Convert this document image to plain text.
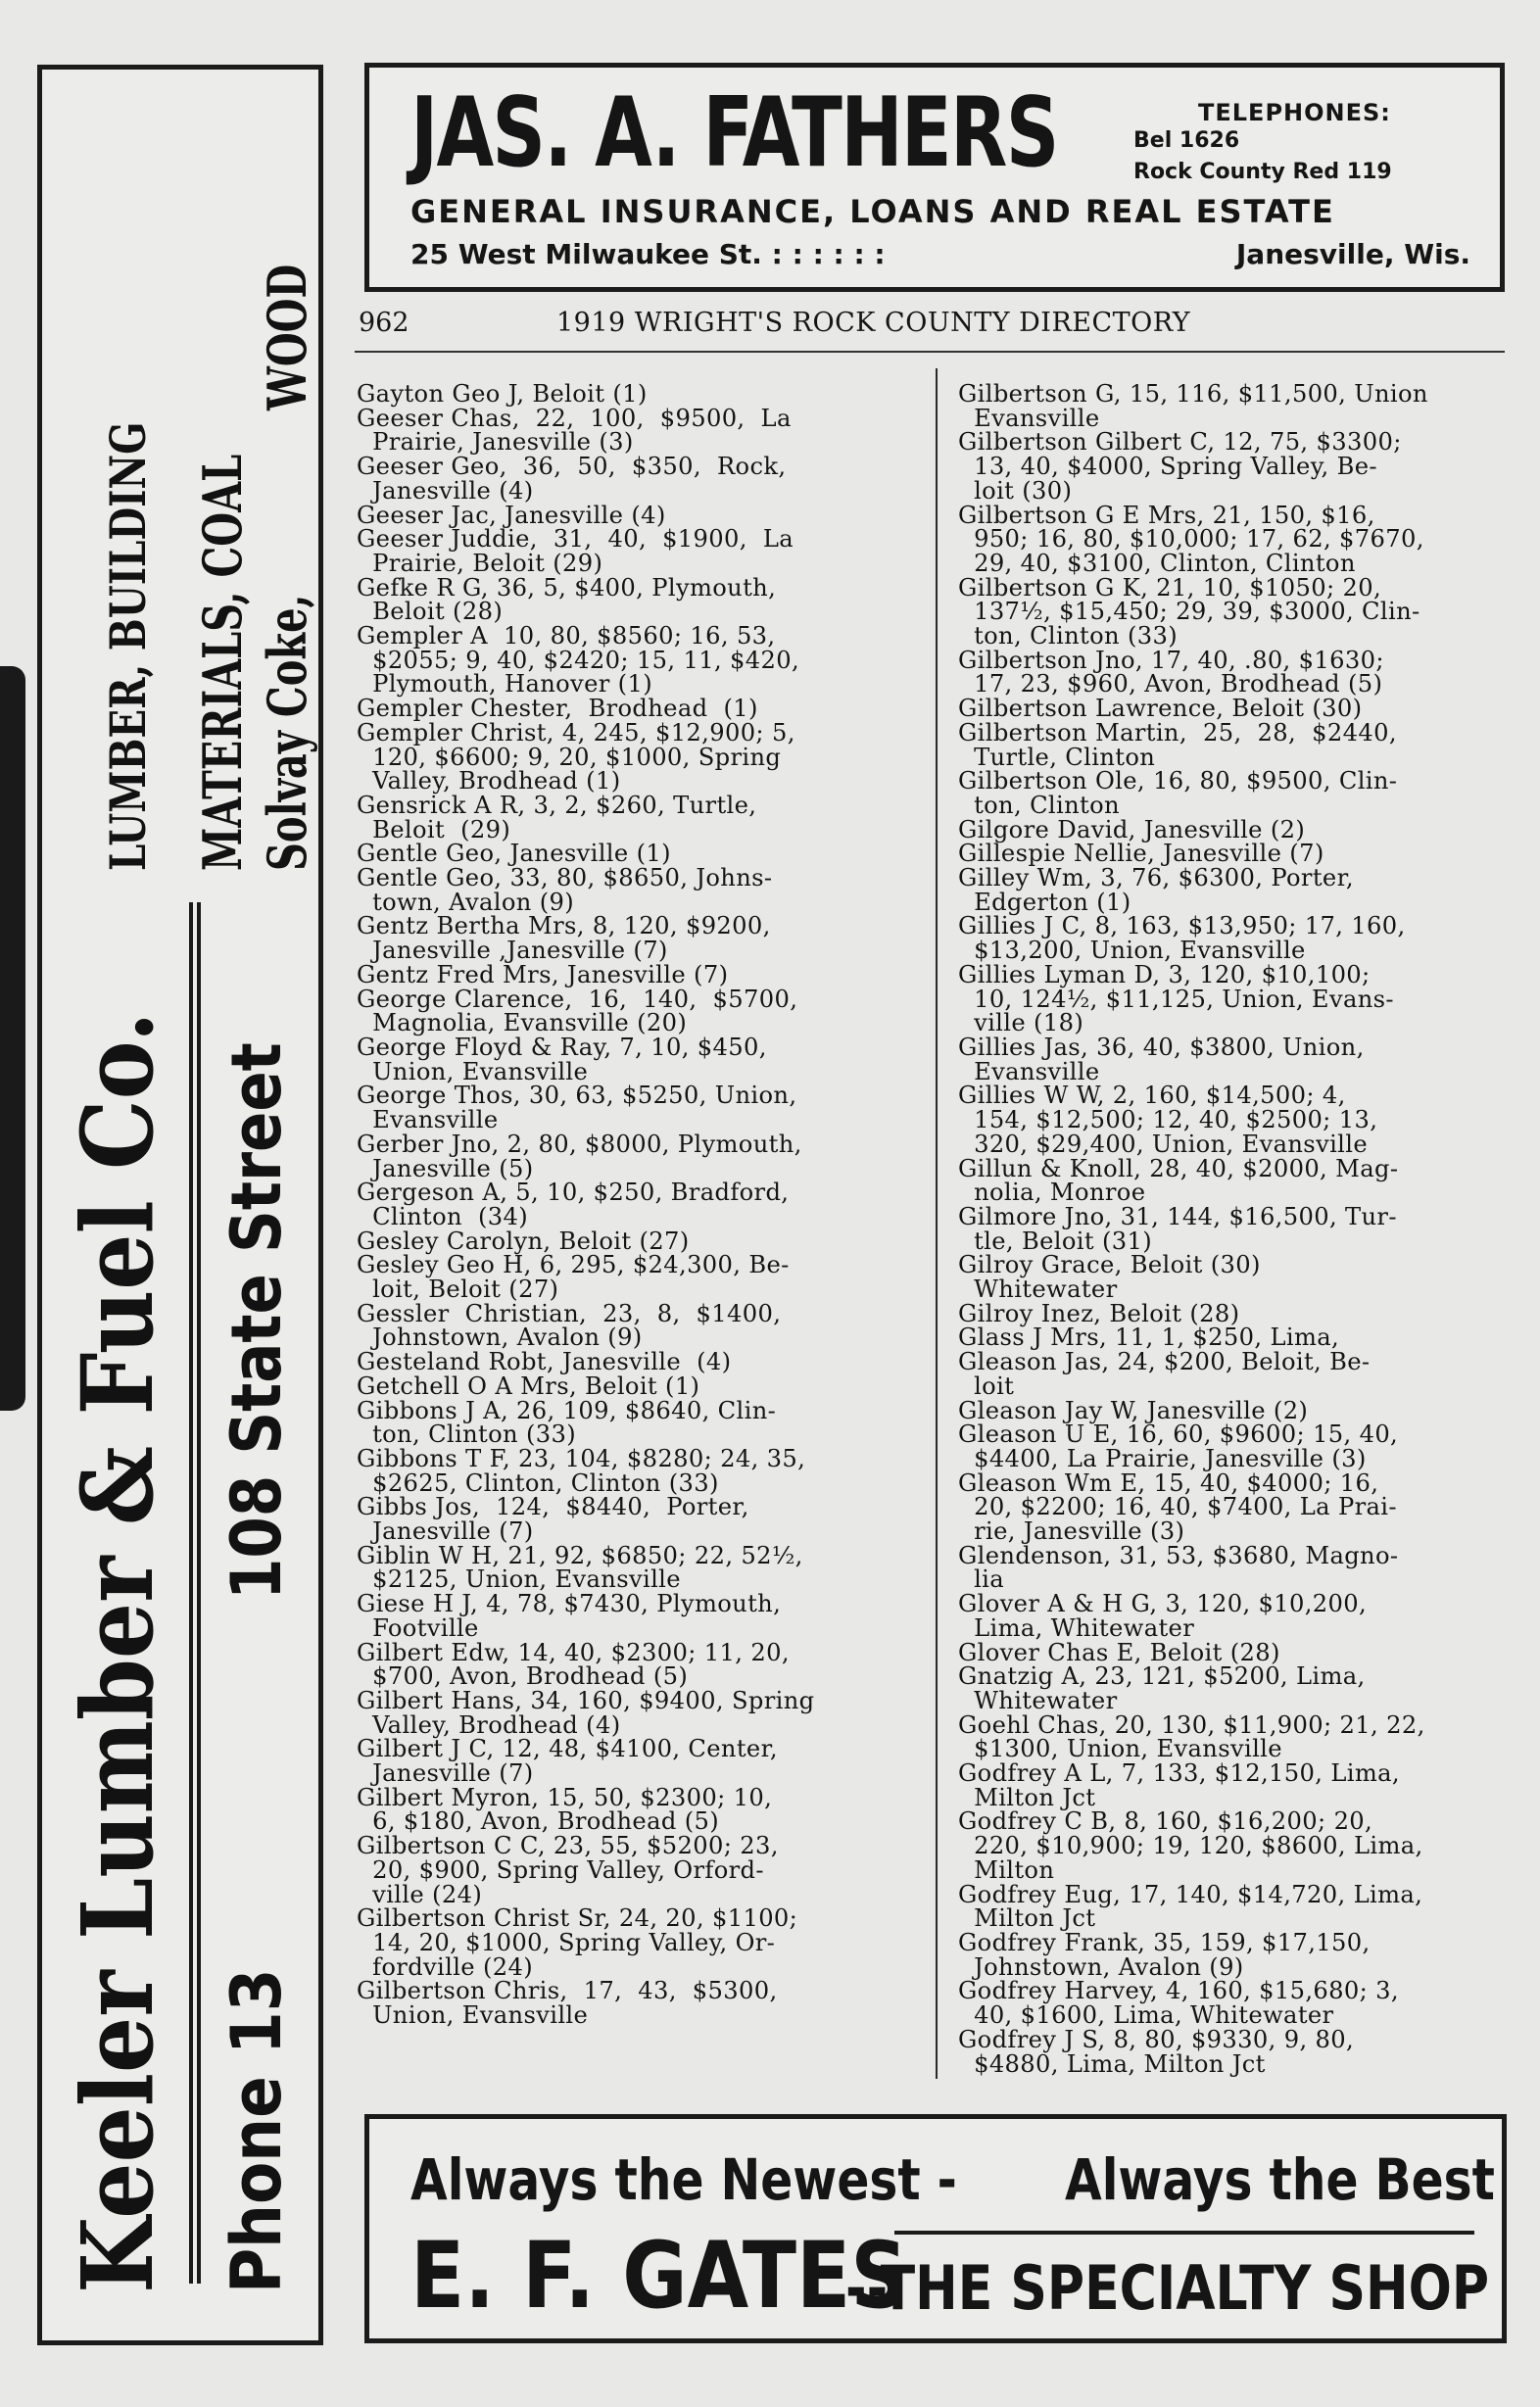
LUMBER, BUILDING MATERIALS, COAL Solvay Coke,
WOOD
Keeler Lumber & Fuel Co. Phone 13
108 State Street
JAS. A. FATHERS	TELEPHONES:
Bel 1626
Rock County Red 119
GENERAL INSURANCE, LOANS AND REAL ESTATE
25 West Milwaukee St. : : : : : :	Janesville, Wis.
962	1919 WRIGHT'S ROCK COUNTY DIRECTORY

Gayton Geo J, Beloit (1)

Geeser Chas,  22,  100,  $9500,  La

Prairie, Janesville (3)

Geeser Geo,  36,  50,  $350,  Rock,

Janesville (4)

Geeser Jac, Janesville (4)

Geeser Juddie,  31,  40,  $1900,  La

Prairie, Beloit (29)

Gefke R G, 36, 5, $400, Plymouth,

Beloit (28)

Gempler A  10, 80, $8560; 16, 53,

$2055; 9, 40, $2420; 15, 11, $420,

Plymouth, Hanover (1)

Gempler Chester,  Brodhead  (1)

Gempler Christ, 4, 245, $12,900; 5,

120, $6600; 9, 20, $1000, Spring

Valley, Brodhead (1)

Gensrick A R, 3, 2, $260, Turtle,

Beloit  (29)

Gentle Geo, Janesville (1)

Gentle Geo, 33, 80, $8650, Johns-

town, Avalon (9)

Gentz Bertha Mrs, 8, 120, $9200,

Janesville ,Janesville (7)

Gentz Fred Mrs, Janesville (7)

George Clarence,  16,  140,  $5700,

Magnolia, Evansville (20)

George Floyd & Ray, 7, 10, $450,

Union, Evansville

George Thos, 30, 63, $5250, Union,

Evansville

Gerber Jno, 2, 80, $8000, Plymouth,

Janesville (5)

Gergeson A, 5, 10, $250, Bradford,

Clinton  (34)

Gesley Carolyn, Beloit (27)

Gesley Geo H, 6, 295, $24,300, Be-

loit, Beloit (27)

Gessler  Christian,  23,  8,  $1400,

Johnstown, Avalon (9)

Gesteland Robt, Janesville  (4)

Getchell O A Mrs, Beloit (1)

Gibbons J A, 26, 109, $8640, Clin-

ton, Clinton (33)

Gibbons T F, 23, 104, $8280; 24, 35,

$2625, Clinton, Clinton (33)

Gibbs Jos,  124,  $8440,  Porter,

Janesville (7)

Giblin W H, 21, 92, $6850; 22, 52½,

$2125, Union, Evansville

Giese H J, 4, 78, $7430, Plymouth,

Footville

Gilbert Edw, 14, 40, $2300; 11, 20,

$700, Avon, Brodhead (5)

Gilbert Hans, 34, 160, $9400, Spring

Valley, Brodhead (4)

Gilbert J C, 12, 48, $4100, Center,

Janesville (7)

Gilbert Myron, 15, 50, $2300; 10,

6, $180, Avon, Brodhead (5)

Gilbertson C C, 23, 55, $5200; 23,

20, $900, Spring Valley, Orford-

ville (24)

Gilbertson Christ Sr, 24, 20, $1100;

14, 20, $1000, Spring Valley, Or-

fordville (24)

Gilbertson Chris,  17,  43,  $5300,

Union, Evansville

Gilbertson G, 15, 116, $11,500, Union

Evansville

Gilbertson Gilbert C, 12, 75, $3300;

13, 40, $4000, Spring Valley, Be-

loit (30)

Gilbertson G E Mrs, 21, 150, $16,

950; 16, 80, $10,000; 17, 62, $7670,

29, 40, $3100, Clinton, Clinton

Gilbertson G K, 21, 10, $1050; 20,

137½, $15,450; 29, 39, $3000, Clin-

ton, Clinton (33)

Gilbertson Jno, 17, 40, .80, $1630;

17, 23, $960, Avon, Brodhead (5)

Gilbertson Lawrence, Beloit (30)

Gilbertson Martin,  25,  28,  $2440,

Turtle, Clinton

Gilbertson Ole, 16, 80, $9500, Clin-

ton, Clinton

Gilgore David, Janesville (2)

Gillespie Nellie, Janesville (7)

Gilley Wm, 3, 76, $6300, Porter,

Edgerton (1)

Gillies J C, 8, 163, $13,950; 17, 160,

$13,200, Union, Evansville

Gillies Lyman D, 3, 120, $10,100;

10, 124½, $11,125, Union, Evans-

ville (18)

Gillies Jas, 36, 40, $3800, Union,

Evansville

Gillies W W, 2, 160, $14,500; 4,

154, $12,500; 12, 40, $2500; 13,

320, $29,400, Union, Evansville

Gillun & Knoll, 28, 40, $2000, Mag-

nolia, Monroe

Gilmore Jno, 31, 144, $16,500, Tur-

tle, Beloit (31)

Gilroy Grace, Beloit (30)

Whitewater

Gilroy Inez, Beloit (28)

Glass J Mrs, 11, 1, $250, Lima,

Gleason Jas, 24, $200, Beloit, Be-

loit

Gleason Jay W, Janesville (2)

Gleason U E, 16, 60, $9600; 15, 40,

$4400, La Prairie, Janesville (3)

Gleason Wm E, 15, 40, $4000; 16,

20, $2200; 16, 40, $7400, La Prai-

rie, Janesville (3)

Glendenson, 31, 53, $3680, Magno-

lia

Glover A & H G, 3, 120, $10,200,

Lima, Whitewater

Glover Chas E, Beloit (28)

Gnatzig A, 23, 121, $5200, Lima,

Whitewater

Goehl Chas, 20, 130, $11,900; 21, 22,

$1300, Union, Evansville

Godfrey A L, 7, 133, $12,150, Lima,

Milton Jct

Godfrey C B, 8, 160, $16,200; 20,

220, $10,900; 19, 120, $8600, Lima,

Milton

Godfrey Eug, 17, 140, $14,720, Lima,

Milton Jct

Godfrey Frank, 35, 159, $17,150,

Johnstown, Avalon (9)

Godfrey Harvey, 4, 160, $15,680; 3,

40, $1600, Lima, Whitewater

Godfrey J S, 8, 80, $9330, 9, 80,

$4880, Lima, Milton Jct

Always the Newest - Always the Best
E. F. GATES
--THE SPECIALTY SHOP
